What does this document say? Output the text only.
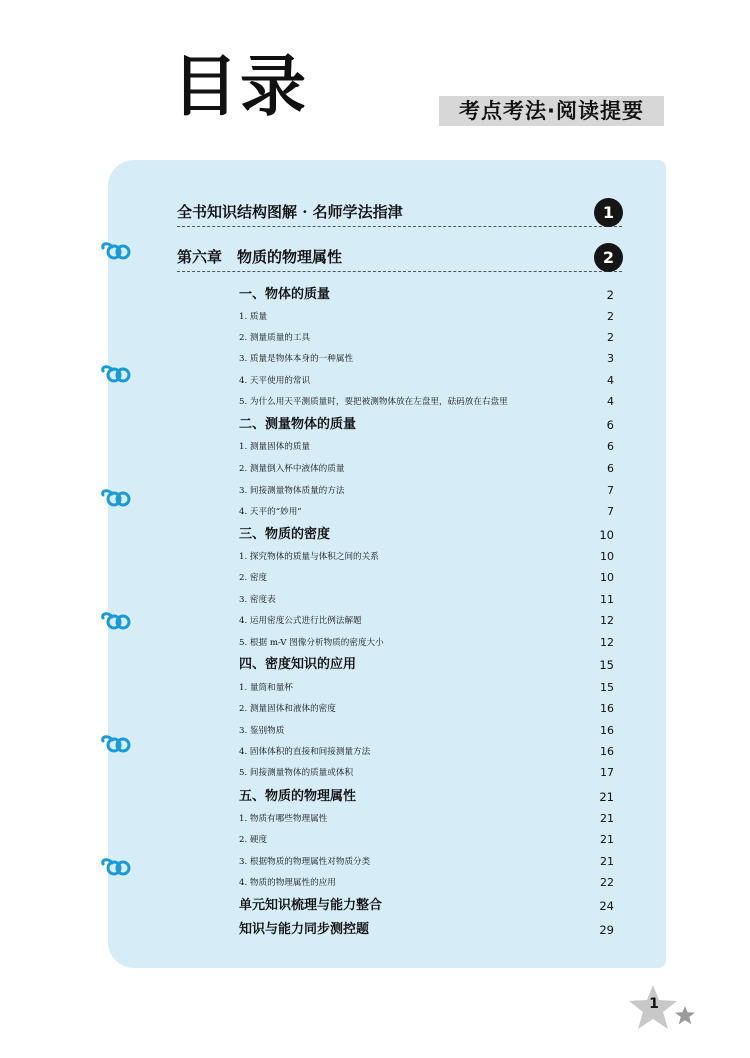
目录	考点考法·阅读提要
全书知识结构图解 · 名师学法指津	1
第六章　物质的物理属性	2
一、物体的质量	2
1. 质量	2
2. 测量质量的工具	2
3. 质量是物体本身的一种属性	3
4. 天平使用的常识	4
5. 为什么用天平测质量时，要把被测物体放在左盘里，砝码放在右盘里	4
二、测量物体的质量	6
1. 测量固体的质量	6
2. 测量倒入杯中液体的质量	6
3. 间接测量物体质量的方法	7
4. 天平的“妙用”	7
三、物质的密度	10
1. 探究物体的质量与体积之间的关系	10
2. 密度	10
3. 密度表	11
4. 运用密度公式进行比例法解题	12
5. 根据 m-V 图像分析物质的密度大小	12
四、密度知识的应用	15
1. 量筒和量杯	15
2. 测量固体和液体的密度	16
3. 鉴别物质	16
4. 固体体积的直接和间接测量方法	16
5. 间接测量物体的质量或体积	17
五、物质的物理属性	21
1. 物质有哪些物理属性	21
2. 硬度	21
3. 根据物质的物理属性对物质分类	21
4. 物质的物理属性的应用	22
单元知识梳理与能力整合	24
知识与能力同步测控题	29
1
